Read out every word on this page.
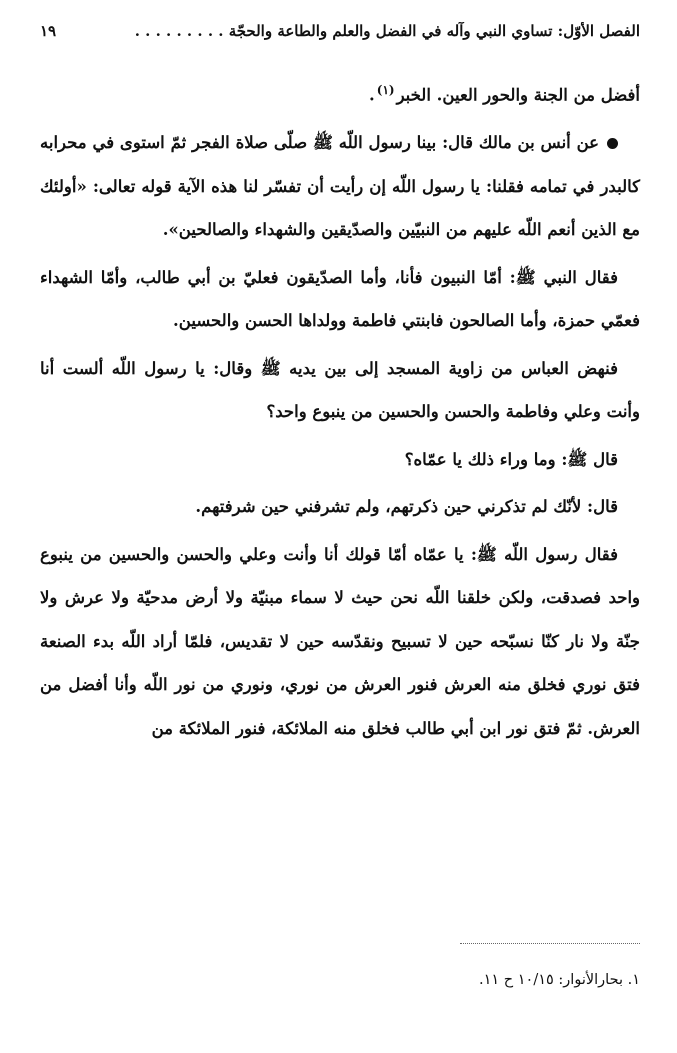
الفصل الأوّل: تساوي النبي وآله في الفضل والعلم والطاعة والحجّة . . . . . . . . .
١٩

أفضل من الجنة والحور العين. الخبر$^{(١)}$.

عن أنس بن مالك قال: بينا رسول اللّه ﷺ صلّى صلاة الفجر ثمّ استوى في محرابه كالبدر في تمامه فقلنا: يا رسول اللّه إن رأيت أن تفسّر لنا هذه الآية قوله تعالى: «أولئك مع الذين أنعم اللّه عليهم من النبيّين والصدّيقين والشهداء والصالحين».

فقال النبي ﷺ: أمّا النبيون فأنا، وأما الصدّيقون فعليّ بن أبي طالب، وأمّا الشهداء فعمّي حمزة، وأما الصالحون فابنتي فاطمة وولداها الحسن والحسين.

فنهض العباس من زاوية المسجد إلى بين يديه ﷺ وقال: يا رسول اللّه ألست أنا وأنت وعلي وفاطمة والحسن والحسين من ينبوع واحد؟

قال ﷺ: وما وراء ذلك يا عمّاه؟

قال: لأنّك لم تذكرني حين ذكرتهم، ولم تشرفني حين شرفتهم.

فقال رسول اللّه ﷺ: يا عمّاه أمّا قولك أنا وأنت وعلي والحسن والحسين من ينبوع واحد فصدقت، ولكن خلقنا اللّه نحن حيث لا سماء مبنيّة ولا أرض مدحيّة ولا عرش ولا جنّة ولا نار كنّا نسبّحه حين لا تسبيح ونقدّسه حين لا تقديس، فلمّا أراد اللّه بدء الصنعة فتق نوري فخلق منه العرش فنور العرش من نوري، ونوري من نور اللّه وأنا أفضل من العرش. ثمّ فتق نور ابن أبي طالب فخلق منه الملائكة، فنور الملائكة من

١. بحارالأنوار: ١٠/١٥ ح ١١.
